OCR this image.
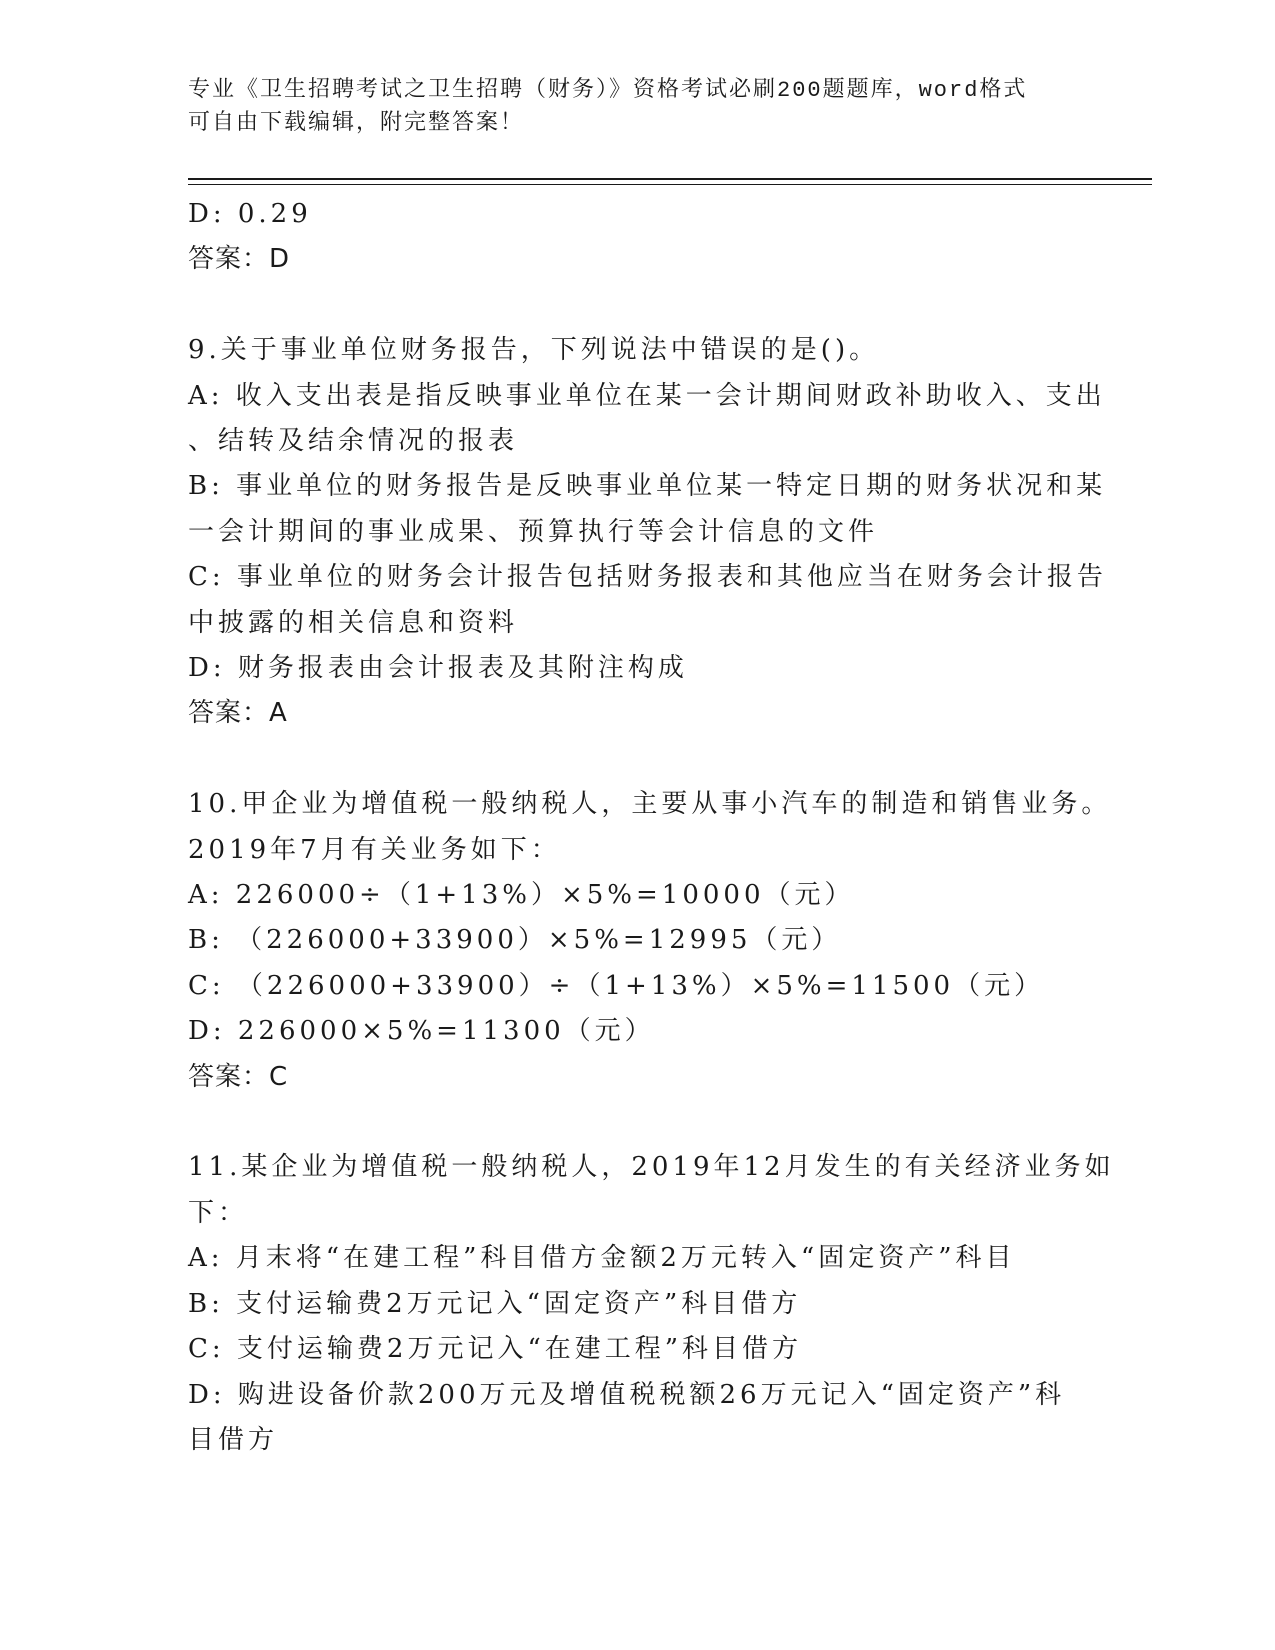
专业《卫生招聘考试之卫生招聘（财务）》资格考试必刷200题题库，word格式
可自由下载编辑，附完整答案！
D: 0.29
答案：D
9.关于事业单位财务报告，下列说法中错误的是()。
A: 收入支出表是指反映事业单位在某一会计期间财政补助收入、支出
、结转及结余情况的报表
B: 事业单位的财务报告是反映事业单位某一特定日期的财务状况和某
一会计期间的事业成果、预算执行等会计信息的文件
C: 事业单位的财务会计报告包括财务报表和其他应当在财务会计报告
中披露的相关信息和资料
D: 财务报表由会计报表及其附注构成
答案：A
10.甲企业为增值税一般纳税人，主要从事小汽车的制造和销售业务。
2019年7月有关业务如下：
A: 226000÷（1+13%）×5%=10000（元）
B: （226000+33900）×5%=12995（元）
C: （226000+33900）÷（1+13%）×5%=11500（元）
D: 226000×5%=11300（元）
答案：C
11.某企业为增值税一般纳税人，2019年12月发生的有关经济业务如
下：
A: 月末将“在建工程”科目借方金额2万元转入“固定资产”科目
B: 支付运输费2万元记入“固定资产”科目借方
C: 支付运输费2万元记入“在建工程”科目借方
D: 购进设备价款200万元及增值税税额26万元记入“固定资产”科
目借方
